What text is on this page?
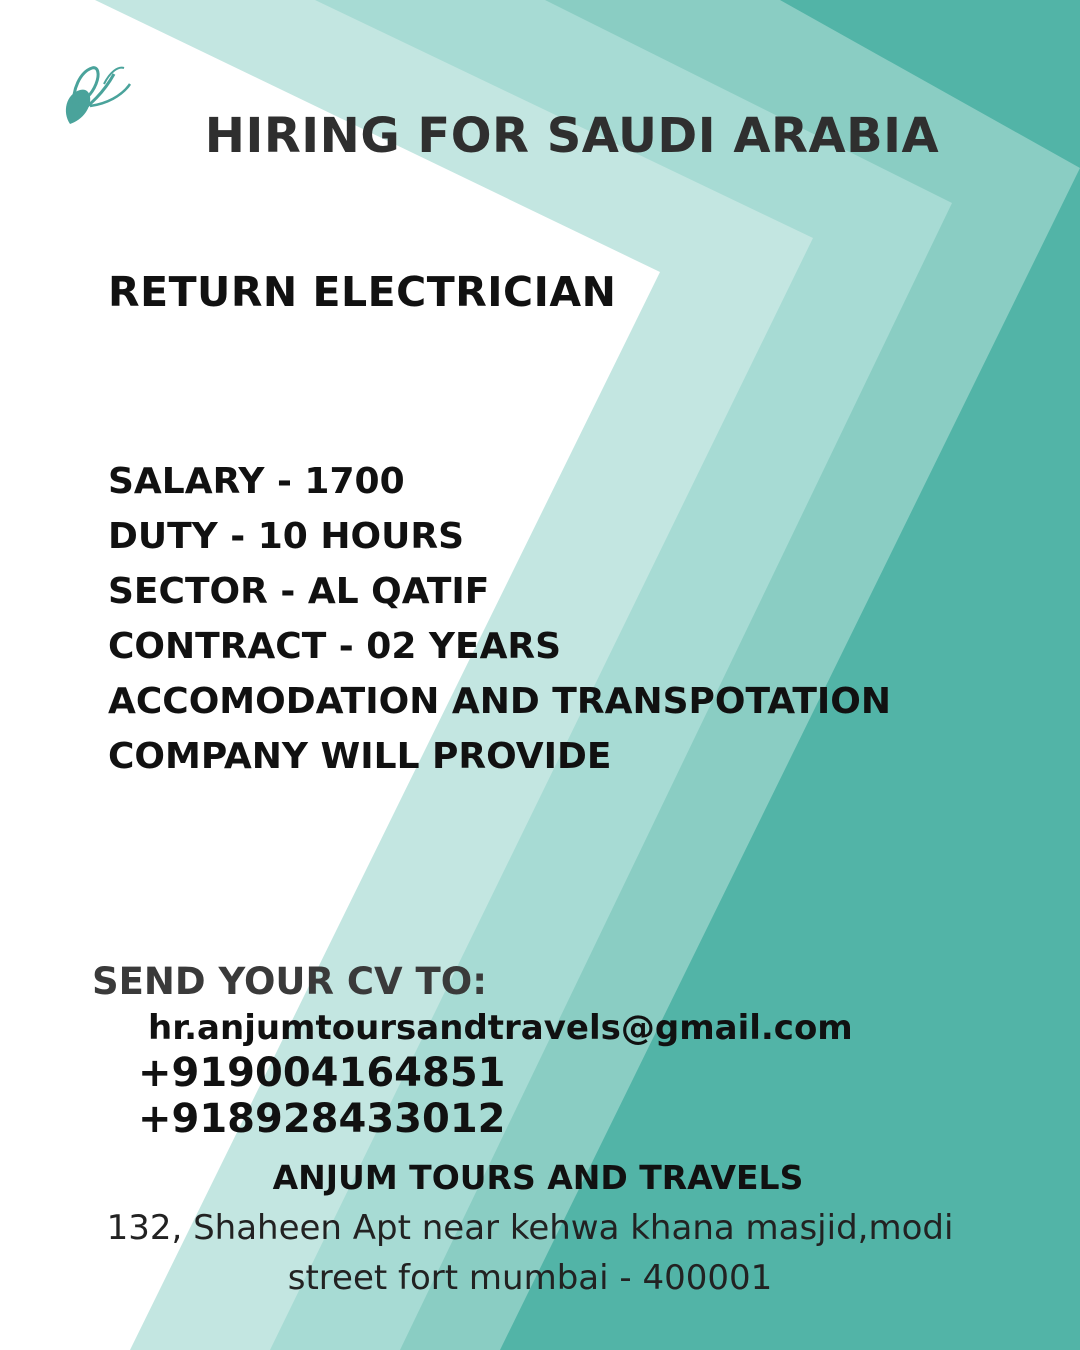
HIRING FOR SAUDI ARABIA
RETURN ELECTRICIAN
SALARY - 1700
DUTY - 10 HOURS
SECTOR - AL QATIF
CONTRACT - 02 YEARS
ACCOMODATION AND TRANSPOTATION
COMPANY WILL PROVIDE
SEND YOUR CV TO:
hr.anjumtoursandtravels@gmail.com
+919004164851
+918928433012
ANJUM TOURS AND TRAVELS
132, Shaheen Apt near kehwa khana masjid,modi
street fort mumbai - 400001
